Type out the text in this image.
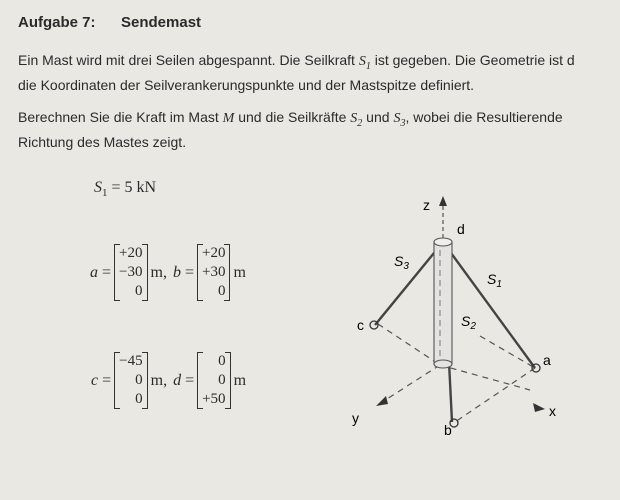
Aufgabe 7: Sendemast
Ein Mast wird mit drei Seilen abgespannt. Die Seilkraft $S_1$ ist gegeben. Die Geometrie ist d
die Koordinaten der Seilverankerungspunkte und der Mastspitze definiert.
Berechnen Sie die Kraft im Mast M und die Seilkräfte $S_2$ und $S_3$, wobei die Resultierende
Richtung des Mastes zeigt.
$S_1 = 5$ kN
a =
+20
−30
0
m , b =
+20
+30
0
m
c =
−45
0
0
m , d =
0
0
+50
m
z
d
$S_3$
$S_1$
$S_2$
c
a
y
b
x
